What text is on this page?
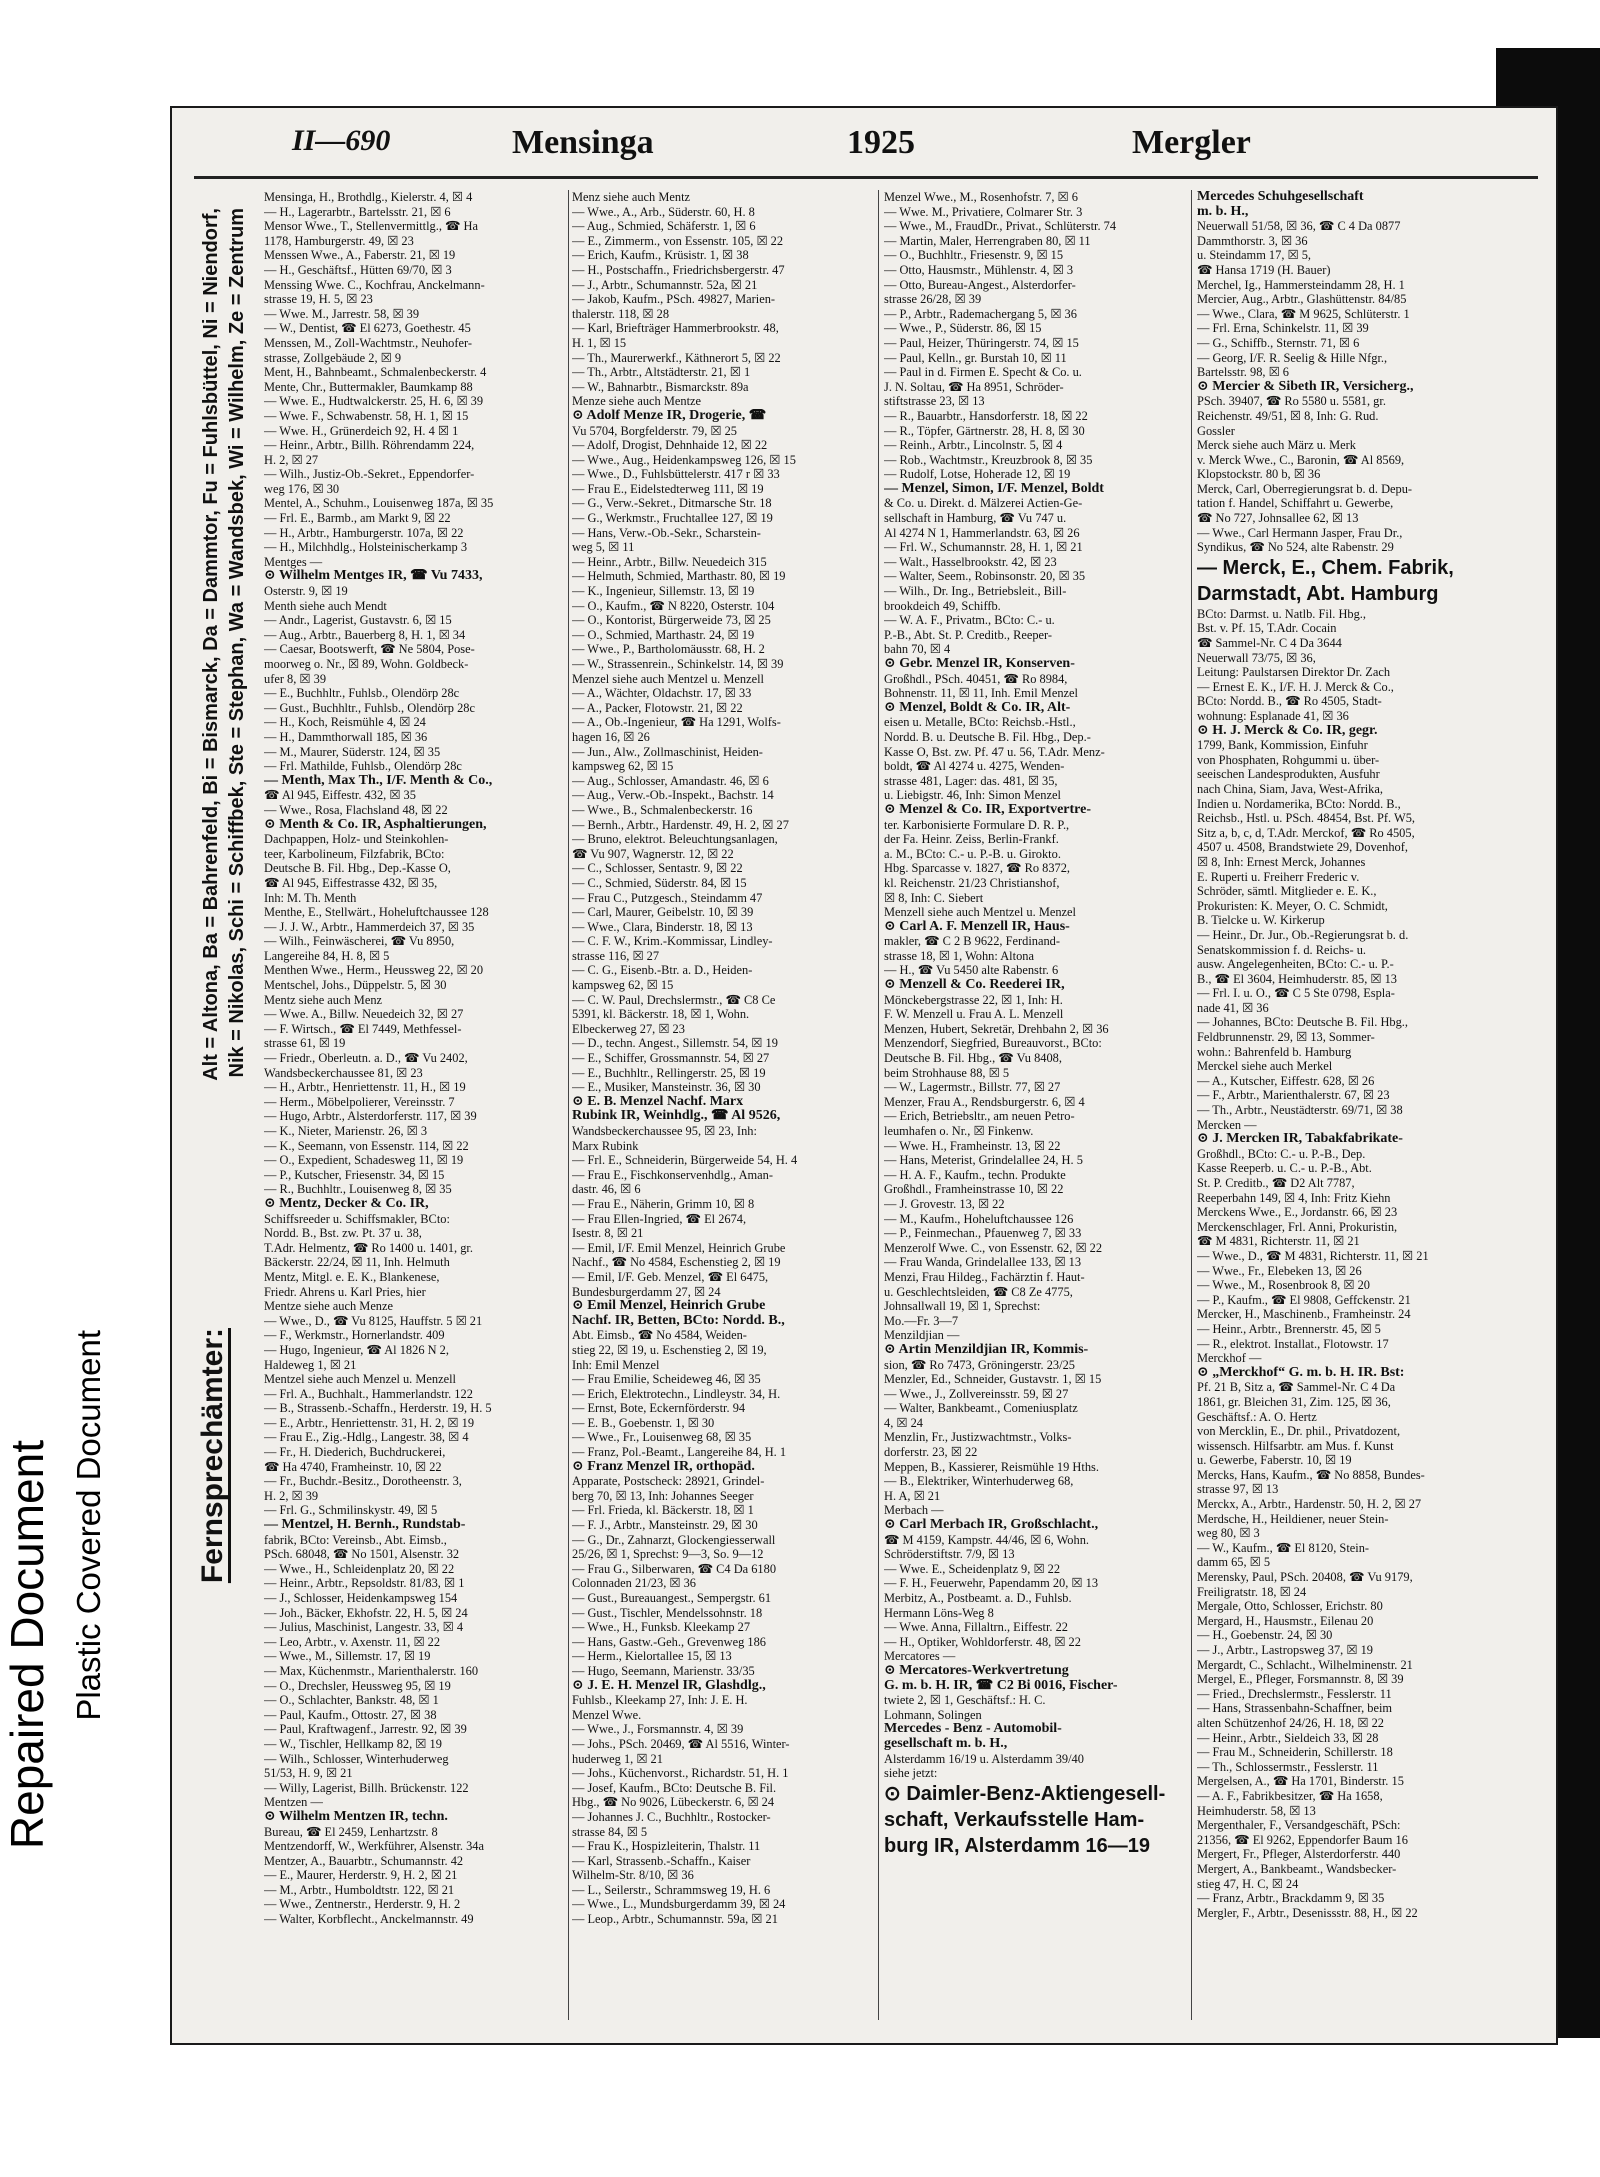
Repaired Document Plastic Covered Document
II—690	Mensinga	1925	Mergler
Fernsprechämter:
Alt = Altona, Ba = Bahrenfeld, Bi = Bismarck, Da = Dammtor, Fu = Fuhlsbüttel, Ni = Niendorf, Nik = Nikolas, Schi = Schiffbek, Ste = Stephan, Wa = Wandsbek, Wi = Wilhelm, Ze = Zentrum
Mensinga, H., Brothdlg., Kielerstr. 4, ☒ 4
— H., Lagerarbtr., Bartelsstr. 21, ☒ 6
Mensor Wwe., T., Stellenvermittlg., ☎ Ha
1178, Hamburgerstr. 49, ☒ 23
Menssen Wwe., A., Faberstr. 21, ☒ 19
— H., Geschäftsf., Hütten 69/70, ☒ 3
Menssing Wwe. C., Kochfrau, Anckelmann-
strasse 19, H. 5, ☒ 23
— Wwe. M., Jarrestr. 58, ☒ 39
— W., Dentist, ☎ El 6273, Goethestr. 45
Menssen, M., Zoll-Wachtmstr., Neuhofer-
strasse, Zollgebäude 2, ☒ 9
Ment, H., Bahnbeamt., Schmalenbeckerstr. 4
Mente, Chr., Buttermakler, Baumkamp 88
— Wwe. E., Hudtwalckerstr. 25, H. 6, ☒ 39
— Wwe. F., Schwabenstr. 58, H. 1, ☒ 15
— Wwe. H., Grünerdeich 92, H. 4 ☒ 1
— Heinr., Arbtr., Billh. Röhrendamm 224,
H. 2, ☒ 27
— Wilh., Justiz-Ob.-Sekret., Eppendorfer-
weg 176, ☒ 30
Mentel, A., Schuhm., Louisenweg 187a, ☒ 35
— Frl. E., Barmb., am Markt 9, ☒ 22
— H., Arbtr., Hamburgerstr. 107a, ☒ 22
— H., Milchhdlg., Holsteinischerkamp 3
Mentges —
⊙ Wilhelm Mentges IR, ☎ Vu 7433,
Osterstr. 9, ☒ 19
Menth siehe auch Mendt
— Andr., Lagerist, Gustavstr. 6, ☒ 15
— Aug., Arbtr., Bauerberg 8, H. 1, ☒ 34
— Caesar, Bootswerft, ☎ Ne 5804, Pose-
moorweg o. Nr., ☒ 89, Wohn. Goldbeck-
ufer 8, ☒ 39
— E., Buchhltr., Fuhlsb., Olendörp 28c
— Gust., Buchhltr., Fuhlsb., Olendörp 28c
— H., Koch, Reismühle 4, ☒ 24
— H., Dammthorwall 185, ☒ 36
— M., Maurer, Süderstr. 124, ☒ 35
— Frl. Mathilde, Fuhlsb., Olendörp 28c
— Menth, Max Th., I/F. Menth & Co.,
☎ Al 945, Eiffestr. 432, ☒ 35
— Wwe., Rosa, Flachsland 48, ☒ 22
⊙ Menth & Co. IR, Asphaltierungen,
Dachpappen, Holz- und Steinkohlen-
teer, Karbolineum, Filzfabrik, BCto:
Deutsche B. Fil. Hbg., Dep.-Kasse O,
☎ Al 945, Eiffestrasse 432, ☒ 35,
Inh: M. Th. Menth
Menthe, E., Stellwärt., Hoheluftchaussee 128
— J. J. W., Arbtr., Hammerdeich 37, ☒ 35
— Wilh., Feinwäscherei, ☎ Vu 8950,
Langereihe 84, H. 8, ☒ 5
Menthen Wwe., Herm., Heussweg 22, ☒ 20
Mentschel, Johs., Düppelstr. 5, ☒ 30
Mentz siehe auch Menz
— Wwe. A., Billw. Neuedeich 32, ☒ 27
— F. Wirtsch., ☎ El 7449, Methfessel-
strasse 61, ☒ 19
— Friedr., Oberleutn. a. D., ☎ Vu 2402,
Wandsbeckerchaussee 81, ☒ 23
— H., Arbtr., Henriettenstr. 11, H., ☒ 19
— Herm., Möbelpolierer, Vereinsstr. 7
— Hugo, Arbtr., Alsterdorferstr. 117, ☒ 39
— K., Nieter, Marienstr. 26, ☒ 3
— K., Seemann, von Essenstr. 114, ☒ 22
— O., Expedient, Schadesweg 11, ☒ 19
— P., Kutscher, Friesenstr. 34, ☒ 15
— R., Buchhltr., Louisenweg 8, ☒ 35
⊙ Mentz, Decker & Co. IR,
Schiffsreeder u. Schiffsmakler, BCto:
Nordd. B., Bst. zw. Pt. 37 u. 38,
T.Adr. Helmentz, ☎ Ro 1400 u. 1401, gr.
Bäckerstr. 22/24, ☒ 11, Inh. Helmuth
Mentz, Mitgl. e. E. K., Blankenese,
Friedr. Ahrens u. Karl Pries, hier
Mentze siehe auch Menze
— Wwe., D., ☎ Vu 8125, Hauffstr. 5 ☒ 21
— F., Werkmstr., Hornerlandstr. 409
— Hugo, Ingenieur, ☎ Al 1826 N 2,
Haldeweg 1, ☒ 21
Mentzel siehe auch Menzel u. Menzell
— Frl. A., Buchhalt., Hammerlandstr. 122
— B., Strassenb.-Schaffn., Herderstr. 19, H. 5
— E., Arbtr., Henriettenstr. 31, H. 2, ☒ 19
— Frau E., Zig.-Hdlg., Langestr. 38, ☒ 4
— Fr., H. Diederich, Buchdruckerei,
☎ Ha 4740, Framheinstr. 10, ☒ 22
— Fr., Buchdr.-Besitz., Dorotheenstr. 3,
H. 2, ☒ 39
— Frl. G., Schmilinskystr. 49, ☒ 5
— Mentzel, H. Bernh., Rundstab-
fabrik, BCto: Vereinsb., Abt. Eimsb.,
PSch. 68048, ☎ No 1501, Alsenstr. 32
— Wwe., H., Schleidenplatz 20, ☒ 22
— Heinr., Arbtr., Repsoldstr. 81/83, ☒ 1
— J., Schlosser, Heidenkampsweg 154
— Joh., Bäcker, Ekhofstr. 22, H. 5, ☒ 24
— Julius, Maschinist, Langestr. 33, ☒ 4
— Leo, Arbtr., v. Axenstr. 11, ☒ 22
— Wwe., M., Sillemstr. 17, ☒ 19
— Max, Küchenmstr., Marienthalerstr. 160
— O., Drechsler, Heussweg 95, ☒ 19
— O., Schlachter, Bankstr. 48, ☒ 1
— Paul, Kaufm., Ottostr. 27, ☒ 38
— Paul, Kraftwagenf., Jarrestr. 92, ☒ 39
— W., Tischler, Hellkamp 82, ☒ 19
— Wilh., Schlosser, Winterhuderweg
51/53, H. 9, ☒ 21
— Willy, Lagerist, Billh. Brückenstr. 122
Mentzen —
⊙ Wilhelm Mentzen IR, techn.
Bureau, ☎ El 2459, Lenhartzstr. 8
Mentzendorff, W., Werkführer, Alsenstr. 34a
Mentzer, A., Bauarbtr., Schumannstr. 42
— E., Maurer, Herderstr. 9, H. 2, ☒ 21
— M., Arbtr., Humboldtstr. 122, ☒ 21
— Wwe., Zentnerstr., Herderstr. 9, H. 2
— Walter, Korbflecht., Anckelmannstr. 49
Menz siehe auch Mentz
— Wwe., A., Arb., Süderstr. 60, H. 8
— Aug., Schmied, Schäferstr. 1, ☒ 6
— E., Zimmerm., von Essenstr. 105, ☒ 22
— Erich, Kaufm., Krüsistr. 1, ☒ 38
— H., Postschaffn., Friedrichsbergerstr. 47
— J., Arbtr., Schumannstr. 52a, ☒ 21
— Jakob, Kaufm., PSch. 49827, Marien-
thalerstr. 118, ☒ 28
— Karl, Briefträger Hammerbrookstr. 48,
H. 1, ☒ 15
— Th., Maurerwerkf., Käthnerort 5, ☒ 22
— Th., Arbtr., Altstädterstr. 21, ☒ 1
— W., Bahnarbtr., Bismarckstr. 89a
Menze siehe auch Mentze
⊙ Adolf Menze IR, Drogerie, ☎
Vu 5704, Borgfelderstr. 79, ☒ 25
— Adolf, Drogist, Dehnhaide 12, ☒ 22
— Wwe., Aug., Heidenkampsweg 126, ☒ 15
— Wwe., D., Fuhlsbüttelerstr. 417 r ☒ 33
— Frau E., Eidelstedterweg 111, ☒ 19
— G., Verw.-Sekret., Ditmarsche Str. 18
— G., Werkmstr., Fruchtallee 127, ☒ 19
— Hans, Verw.-Ob.-Sekr., Scharstein-
weg 5, ☒ 11
— Heinr., Arbtr., Billw. Neuedeich 315
— Helmuth, Schmied, Marthastr. 80, ☒ 19
— K., Ingenieur, Sillemstr. 13, ☒ 19
— O., Kaufm., ☎ N 8220, Osterstr. 104
— O., Kontorist, Bürgerweide 73, ☒ 25
— O., Schmied, Marthastr. 24, ☒ 19
— Wwe., P., Bartholomäusstr. 68, H. 2
— W., Strassenrein., Schinkelstr. 14, ☒ 39
Menzel siehe auch Mentzel u. Menzell
— A., Wächter, Oldachstr. 17, ☒ 33
— A., Packer, Flotowstr. 21, ☒ 22
— A., Ob.-Ingenieur, ☎ Ha 1291, Wolfs-
hagen 16, ☒ 26
— Jun., Alw., Zollmaschinist, Heiden-
kampsweg 62, ☒ 15
— Aug., Schlosser, Amandastr. 46, ☒ 6
— Aug., Verw.-Ob.-Inspekt., Bachstr. 14
— Wwe., B., Schmalenbeckerstr. 16
— Bernh., Arbtr., Hardenstr. 49, H. 2, ☒ 27
— Bruno, elektrot. Beleuchtungsanlagen,
☎ Vu 907, Wagnerstr. 12, ☒ 22
— C., Schlosser, Sentastr. 9, ☒ 22
— C., Schmied, Süderstr. 84, ☒ 15
— Frau C., Putzgesch., Steindamm 47
— Carl, Maurer, Geibelstr. 10, ☒ 39
— Wwe., Clara, Binderstr. 18, ☒ 13
— C. F. W., Krim.-Kommissar, Lindley-
strasse 116, ☒ 27
— C. G., Eisenb.-Btr. a. D., Heiden-
kampsweg 62, ☒ 15
— C. W. Paul, Drechslermstr., ☎ C8 Ce
5391, kl. Bäckerstr. 18, ☒ 1, Wohn.
Elbeckerweg 27, ☒ 23
— D., techn. Angest., Sillemstr. 54, ☒ 19
— E., Schiffer, Grossmannstr. 54, ☒ 27
— E., Buchhltr., Rellingerstr. 25, ☒ 19
— E., Musiker, Mansteinstr. 36, ☒ 30
⊙ E. B. Menzel Nachf. Marx
Rubink IR, Weinhdlg., ☎ Al 9526,
Wandsbeckerchaussee 95, ☒ 23, Inh:
Marx Rubink
— Frl. E., Schneiderin, Bürgerweide 54, H. 4
— Frau E., Fischkonservenhdlg., Aman-
dastr. 46, ☒ 6
— Frau E., Näherin, Grimm 10, ☒ 8
— Frau Ellen-Ingried, ☎ El 2674,
Isestr. 8, ☒ 21
— Emil, I/F. Emil Menzel, Heinrich Grube
Nachf., ☎ No 4584, Eschenstieg 2, ☒ 19
— Emil, I/F. Geb. Menzel, ☎ El 6475,
Bundesburgerdamm 27, ☒ 24
⊙ Emil Menzel, Heinrich Grube
Nachf. IR, Betten, BCto: Nordd. B.,
Abt. Eimsb., ☎ No 4584, Weiden-
stieg 22, ☒ 19, u. Eschenstieg 2, ☒ 19,
Inh: Emil Menzel
— Frau Emilie, Scheideweg 46, ☒ 35
— Erich, Elektrotechn., Lindleystr. 34, H.
— Ernst, Bote, Eckernförderstr. 94
— E. B., Goebenstr. 1, ☒ 30
— Wwe., Fr., Louisenweg 68, ☒ 35
— Franz, Pol.-Beamt., Langereihe 84, H. 1
⊙ Franz Menzel IR, orthopäd.
Apparate, Postscheck: 28921, Grindel-
berg 70, ☒ 13, Inh: Johannes Seeger
— Frl. Frieda, kl. Bäckerstr. 18, ☒ 1
— F. J., Arbtr., Mansteinstr. 29, ☒ 30
— G., Dr., Zahnarzt, Glockengiesserwall
25/26, ☒ 1, Sprechst: 9—3, So. 9—12
— Frau G., Silberwaren, ☎ C4 Da 6180
Colonnaden 21/23, ☒ 36
— Gust., Bureauangest., Sempergstr. 61
— Gust., Tischler, Mendelssohnstr. 18
— Wwe., H., Funksb. Kleekamp 27
— Hans, Gastw.-Geh., Grevenweg 186
— Herm., Kielortallee 15, ☒ 13
— Hugo, Seemann, Marienstr. 33/35
⊙ J. E. H. Menzel IR, Glashdlg.,
Fuhlsb., Kleekamp 27, Inh: J. E. H.
Menzel Wwe.
— Wwe., J., Forsmannstr. 4, ☒ 39
— Johs., PSch. 20469, ☎ Al 5516, Winter-
huderweg 1, ☒ 21
— Johs., Küchenvorst., Richardstr. 51, H. 1
— Josef, Kaufm., BCto: Deutsche B. Fil.
Hbg., ☎ No 9026, Lübeckerstr. 6, ☒ 24
— Johannes J. C., Buchhltr., Rostocker-
strasse 84, ☒ 5
— Frau K., Hospizleiterin, Thalstr. 11
— Karl, Strassenb.-Schaffn., Kaiser
Wilhelm-Str. 8/10, ☒ 36
— L., Seilerstr., Schrammsweg 19, H. 6
— Wwe., L., Mundsburgerdamm 39, ☒ 24
— Leop., Arbtr., Schumannstr. 59a, ☒ 21
Menzel Wwe., M., Rosenhofstr. 7, ☒ 6
— Wwe. M., Privatiere, Colmarer Str. 3
— Wwe., M., FraudDr., Privat., Schlüterstr. 74
— Martin, Maler, Herrengraben 80, ☒ 11
— O., Buchhltr., Friesenstr. 9, ☒ 15
— Otto, Hausmstr., Mühlenstr. 4, ☒ 3
— Otto, Bureau-Angest., Alsterdorfer-
strasse 26/28, ☒ 39
— P., Arbtr., Rademachergang 5, ☒ 36
— Wwe., P., Süderstr. 86, ☒ 15
— Paul, Heizer, Thüringerstr. 74, ☒ 15
— Paul, Kelln., gr. Burstah 10, ☒ 11
— Paul in d. Firmen E. Specht & Co. u.
J. N. Soltau, ☎ Ha 8951, Schröder-
stiftstrasse 23, ☒ 13
— R., Bauarbtr., Hansdorferstr. 18, ☒ 22
— R., Töpfer, Gärtnerstr. 28, H. 8, ☒ 30
— Reinh., Arbtr., Lincolnstr. 5, ☒ 4
— Rob., Wachtmstr., Kreuzbrook 8, ☒ 35
— Rudolf, Lotse, Hoherade 12, ☒ 19
— Menzel, Simon, I/F. Menzel, Boldt
& Co. u. Direkt. d. Mälzerei Actien-Ge-
sellschaft in Hamburg, ☎ Vu 747 u.
Al 4274 N 1, Hammerlandstr. 63, ☒ 26
— Frl. W., Schumannstr. 28, H. 1, ☒ 21
— Walt., Hasselbrookstr. 42, ☒ 23
— Walter, Seem., Robinsonstr. 20, ☒ 35
— Wilh., Dr. Ing., Betriebsleit., Bill-
brookdeich 49, Schiffb.
— W. A. F., Privatm., BCto: C.- u.
P.-B., Abt. St. P. Creditb., Reeper-
bahn 70, ☒ 4
⊙ Gebr. Menzel IR, Konserven-
Großhdl., PSch. 40451, ☎ Ro 8984,
Bohnenstr. 11, ☒ 11, Inh. Emil Menzel
⊙ Menzel, Boldt & Co. IR, Alt-
eisen u. Metalle, BCto: Reichsb.-Hstl.,
Nordd. B. u. Deutsche B. Fil. Hbg., Dep.-
Kasse O, Bst. zw. Pf. 47 u. 56, T.Adr. Menz-
boldt, ☎ Al 4274 u. 4275, Wenden-
strasse 481, Lager: das. 481, ☒ 35,
u. Liebigstr. 46, Inh: Simon Menzel
⊙ Menzel & Co. IR, Exportvertre-
ter. Karbonisierte Formulare D. R. P.,
der Fa. Heinr. Zeiss, Berlin-Frankf.
a. M., BCto: C.- u. P.-B. u. Girokto.
Hbg. Sparcasse v. 1827, ☎ Ro 8372,
kl. Reichenstr. 21/23 Christianshof,
☒ 8, Inh: C. Siebert
Menzell siehe auch Mentzel u. Menzel
⊙ Carl A. F. Menzell IR, Haus-
makler, ☎ C 2 B 9622, Ferdinand-
strasse 18, ☒ 1, Wohn: Altona
— H., ☎ Vu 5450 alte Rabenstr. 6
⊙ Menzell & Co. Reederei IR,
Mönckebergstrasse 22, ☒ 1, Inh: H.
F. W. Menzell u. Frau A. L. Menzell
Menzen, Hubert, Sekretär, Drehbahn 2, ☒ 36
Menzendorf, Siegfried, Bureauvorst., BCto:
Deutsche B. Fil. Hbg., ☎ Vu 8408,
beim Strohhause 88, ☒ 5
— W., Lagermstr., Billstr. 77, ☒ 27
Menzer, Frau A., Rendsburgerstr. 6, ☒ 4
— Erich, Betriebsltr., am neuen Petro-
leumhafen o. Nr., ☒ Finkenw.
— Wwe. H., Framheinstr. 13, ☒ 22
— Hans, Meterist, Grindelallee 24, H. 5
— H. A. F., Kaufm., techn. Produkte
Großhdl., Framheinstrasse 10, ☒ 22
— J. Grovestr. 13, ☒ 22
— M., Kaufm., Hoheluftchaussee 126
— P., Feinmechan., Pfauenweg 7, ☒ 33
Menzerolf Wwe. C., von Essenstr. 62, ☒ 22
— Frau Wanda, Grindelallee 133, ☒ 13
Menzi, Frau Hildeg., Fachärztin f. Haut-
u. Geschlechtsleiden, ☎ C8 Ze 4775,
Johnsallwall 19, ☒ 1, Sprechst:
Mo.—Fr. 3—7
Menzildjian —
⊙ Artin Menzildjian IR, Kommis-
sion, ☎ Ro 7473, Gröningerstr. 23/25
Menzler, Ed., Schneider, Gustavstr. 1, ☒ 15
— Wwe., J., Zollvereinsstr. 59, ☒ 27
— Walter, Bankbeamt., Comeniusplatz
4, ☒ 24
Menzlin, Fr., Justizwachtmstr., Volks-
dorferstr. 23, ☒ 22
Meppen, B., Kassierer, Reismühle 19 Hths.
— B., Elektriker, Winterhuderweg 68,
H. A, ☒ 21
Merbach —
⊙ Carl Merbach IR, Großschlacht.,
☎ M 4159, Kampstr. 44/46, ☒ 6, Wohn.
Schröderstiftstr. 7/9, ☒ 13
— Wwe. E., Scheidenplatz 9, ☒ 22
— F. H., Feuerwehr, Papendamm 20, ☒ 13
Merbitz, A., Postbeamt. a. D., Fuhlsb.
Hermann Löns-Weg 8
— Wwe. Anna, Fillaltrn., Eiffestr. 22
— H., Optiker, Wohldorferstr. 48, ☒ 22
Mercatores —
⊙ Mercatores-Werkvertretung
G. m. b. H. IR, ☎ C2 Bi 0016, Fischer-
twiete 2, ☒ 1, Geschäftsf.: H. C.
Lohmann, Solingen
Mercedes - Benz - Automobil-
gesellschaft m. b. H.,
Alsterdamm 16/19 u. Alsterdamm 39/40
siehe jetzt:
⊙ Daimler-Benz-Aktiengesell-
schaft, Verkaufsstelle Ham-
burg IR, Alsterdamm 16—19
Mercedes Schuhgesellschaft
m. b. H.,
Neuerwall 51/58, ☒ 36, ☎ C 4 Da 0877
Dammthorstr. 3, ☒ 36
u. Steindamm 17, ☒ 5,
☎ Hansa 1719 (H. Bauer)
Merchel, Ig., Hammersteindamm 28, H. 1
Mercier, Aug., Arbtr., Glashüttenstr. 84/85
— Wwe., Clara, ☎ M 9625, Schlüterstr. 1
— Frl. Erna, Schinkelstr. 11, ☒ 39
— G., Schiffb., Sternstr. 71, ☒ 6
— Georg, I/F. R. Seelig & Hille Nfgr.,
Bartelsstr. 98, ☒ 6
⊙ Mercier & Sibeth IR, Versicherg.,
PSch. 39407, ☎ Ro 5580 u. 5581, gr.
Reichenstr. 49/51, ☒ 8, Inh: G. Rud.
Gossler
Merck siehe auch März u. Merk
v. Merck Wwe., C., Baronin, ☎ Al 8569,
Klopstockstr. 80 b, ☒ 36
Merck, Carl, Oberregierungsrat b. d. Depu-
tation f. Handel, Schiffahrt u. Gewerbe,
☎ No 727, Johnsallee 62, ☒ 13
— Wwe., Carl Hermann Jasper, Frau Dr.,
Syndikus, ☎ No 524, alte Rabenstr. 29
— Merck, E., Chem. Fabrik,
Darmstadt, Abt. Hamburg
BCto: Darmst. u. Natlb. Fil. Hbg.,
Bst. v. Pf. 15, T.Adr. Cocain
☎ Sammel-Nr. C 4 Da 3644
Neuerwall 73/75, ☒ 36,
Leitung: Paulstarsen Direktor Dr. Zach
— Ernest E. K., I/F. H. J. Merck & Co.,
BCto: Nordd. B., ☎ Ro 4505, Stadt-
wohnung: Esplanade 41, ☒ 36
⊙ H. J. Merck & Co. IR, gegr.
1799, Bank, Kommission, Einfuhr
von Phosphaten, Rohgummi u. über-
seeischen Landesprodukten, Ausfuhr
nach China, Siam, Java, West-Afrika,
Indien u. Nordamerika, BCto: Nordd. B.,
Reichsb., Hstl. u. PSch. 48454, Bst. Pf. W5,
Sitz a, b, c, d, T.Adr. Merckof, ☎ Ro 4505,
4507 u. 4508, Brandstwiete 29, Dovenhof,
☒ 8, Inh: Ernest Merck, Johannes
E. Ruperti u. Freiherr Frederic v.
Schröder, sämtl. Mitglieder e. E. K.,
Prokuristen: K. Meyer, O. C. Schmidt,
B. Tielcke u. W. Kirkerup
— Heinr., Dr. Jur., Ob.-Regierungsrat b. d.
Senatskommission f. d. Reichs- u.
ausw. Angelegenheiten, BCto: C.- u. P.-
B., ☎ El 3604, Heimhuderstr. 85, ☒ 13
— Frl. I. u. O., ☎ C 5 Ste 0798, Espla-
nade 41, ☒ 36
— Johannes, BCto: Deutsche B. Fil. Hbg.,
Feldbrunnenstr. 29, ☒ 13, Sommer-
wohn.: Bahrenfeld b. Hamburg
Merckel siehe auch Merkel
— A., Kutscher, Eiffestr. 628, ☒ 26
— F., Arbtr., Marienthalerstr. 67, ☒ 23
— Th., Arbtr., Neustädterstr. 69/71, ☒ 38
Mercken —
⊙ J. Mercken IR, Tabakfabrikate-
Großhdl., BCto: C.- u. P.-B., Dep.
Kasse Reeperb. u. C.- u. P.-B., Abt.
St. P. Creditb., ☎ D2 Alt 7787,
Reeperbahn 149, ☒ 4, Inh: Fritz Kiehn
Merckens Wwe., E., Jordanstr. 66, ☒ 23
Merckenschlager, Frl. Anni, Prokuristin,
☎ M 4831, Richterstr. 11, ☒ 21
— Wwe., D., ☎ M 4831, Richterstr. 11, ☒ 21
— Wwe., Fr., Elebeken 13, ☒ 26
— Wwe., M., Rosenbrook 8, ☒ 20
— P., Kaufm., ☎ El 9808, Geffckenstr. 21
Mercker, H., Maschinenb., Framheinstr. 24
— Heinr., Arbtr., Brennerstr. 45, ☒ 5
— R., elektrot. Installat., Flotowstr. 17
Merckhof —
⊙ „Merckhof“ G. m. b. H. IR. Bst:
Pf. 21 B, Sitz a, ☎ Sammel-Nr. C 4 Da
1861, gr. Bleichen 31, Zim. 125, ☒ 36,
Geschäftsf.: A. O. Hertz
von Mercklin, E., Dr. phil., Privatdozent,
wissensch. Hilfsarbtr. am Mus. f. Kunst
u. Gewerbe, Faberstr. 10, ☒ 19
Mercks, Hans, Kaufm., ☎ No 8858, Bundes-
strasse 97, ☒ 13
Merckx, A., Arbtr., Hardenstr. 50, H. 2, ☒ 27
Merdsche, H., Heildiener, neuer Stein-
weg 80, ☒ 3
— W., Kaufm., ☎ El 8120, Stein-
damm 65, ☒ 5
Merensky, Paul, PSch. 20408, ☎ Vu 9179,
Freiligratstr. 18, ☒ 24
Mergale, Otto, Schlosser, Erichstr. 80
Mergard, H., Hausmstr., Eilenau 20
— H., Goebenstr. 24, ☒ 30
— J., Arbtr., Lastropsweg 37, ☒ 19
Mergardt, C., Schlacht., Wilhelminenstr. 21
Mergel, E., Pfleger, Forsmannstr. 8, ☒ 39
— Fried., Drechslermstr., Fesslerstr. 11
— Hans, Strassenbahn-Schaffner, beim
alten Schützenhof 24/26, H. 18, ☒ 22
— Heinr., Arbtr., Sieldeich 33, ☒ 28
— Frau M., Schneiderin, Schillerstr. 18
— Th., Schlossermstr., Fesslerstr. 11
Mergelsen, A., ☎ Ha 1701, Binderstr. 15
— A. F., Fabrikbesitzer, ☎ Ha 1658,
Heimhuderstr. 58, ☒ 13
Mergenthaler, F., Versandgeschäft, PSch:
21356, ☎ El 9262, Eppendorfer Baum 16
Mergert, Fr., Pfleger, Alsterdorferstr. 440
Mergert, A., Bankbeamt., Wandsbecker-
stieg 47, H. C, ☒ 24
— Franz, Arbtr., Brackdamm 9, ☒ 35
Mergler, F., Arbtr., Desenissstr. 88, H., ☒ 22
